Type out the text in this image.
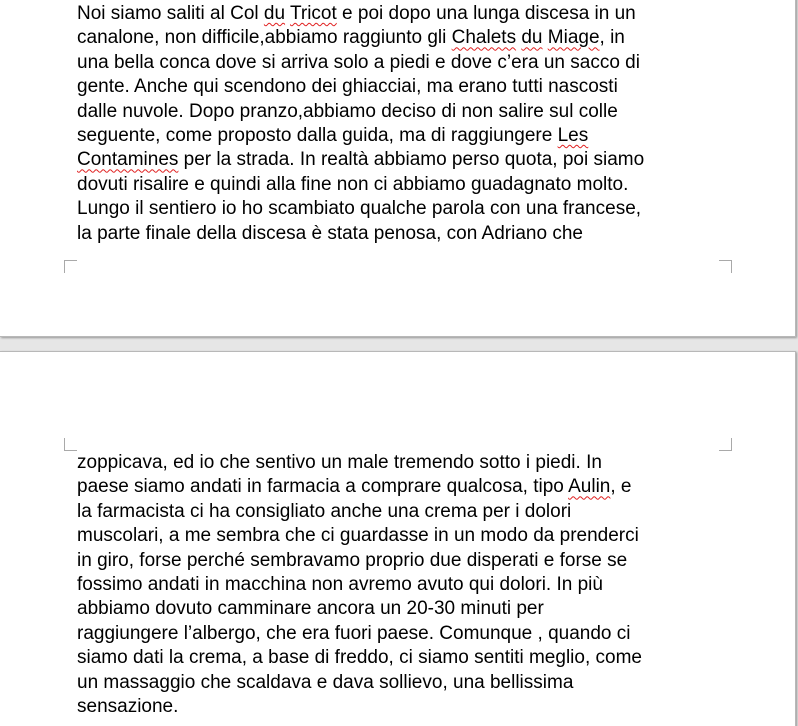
Noi siamo saliti al Col du Tricot e poi dopo una lunga discesa in un
canalone, non difficile,abbiamo raggiunto gli Chalets du Miage, in
una bella conca dove si arriva solo a piedi e dove c’era un sacco di
gente. Anche qui scendono dei ghiacciai, ma erano tutti nascosti
dalle nuvole. Dopo pranzo,abbiamo deciso di non salire sul colle
seguente, come proposto dalla guida, ma di raggiungere Les
Contamines per la strada. In realtà abbiamo perso quota, poi siamo
dovuti risalire e quindi alla fine non ci abbiamo guadagnato molto.
Lungo il sentiero io ho scambiato qualche parola con una francese,
la parte finale della discesa è stata penosa, con Adriano che
zoppicava, ed io che sentivo un male tremendo sotto i piedi. In
paese siamo andati in farmacia a comprare qualcosa, tipo Aulin, e
la farmacista ci ha consigliato anche una crema per i dolori
muscolari, a me sembra che ci guardasse in un modo da prenderci
in giro, forse perché sembravamo proprio due disperati e forse se
fossimo andati in macchina non avremo avuto qui dolori. In più
abbiamo dovuto camminare ancora un 20-30 minuti per
raggiungere l’albergo, che era fuori paese. Comunque , quando ci
siamo dati la crema, a base di freddo, ci siamo sentiti meglio, come
un massaggio che scaldava e dava sollievo, una bellissima
sensazione.
